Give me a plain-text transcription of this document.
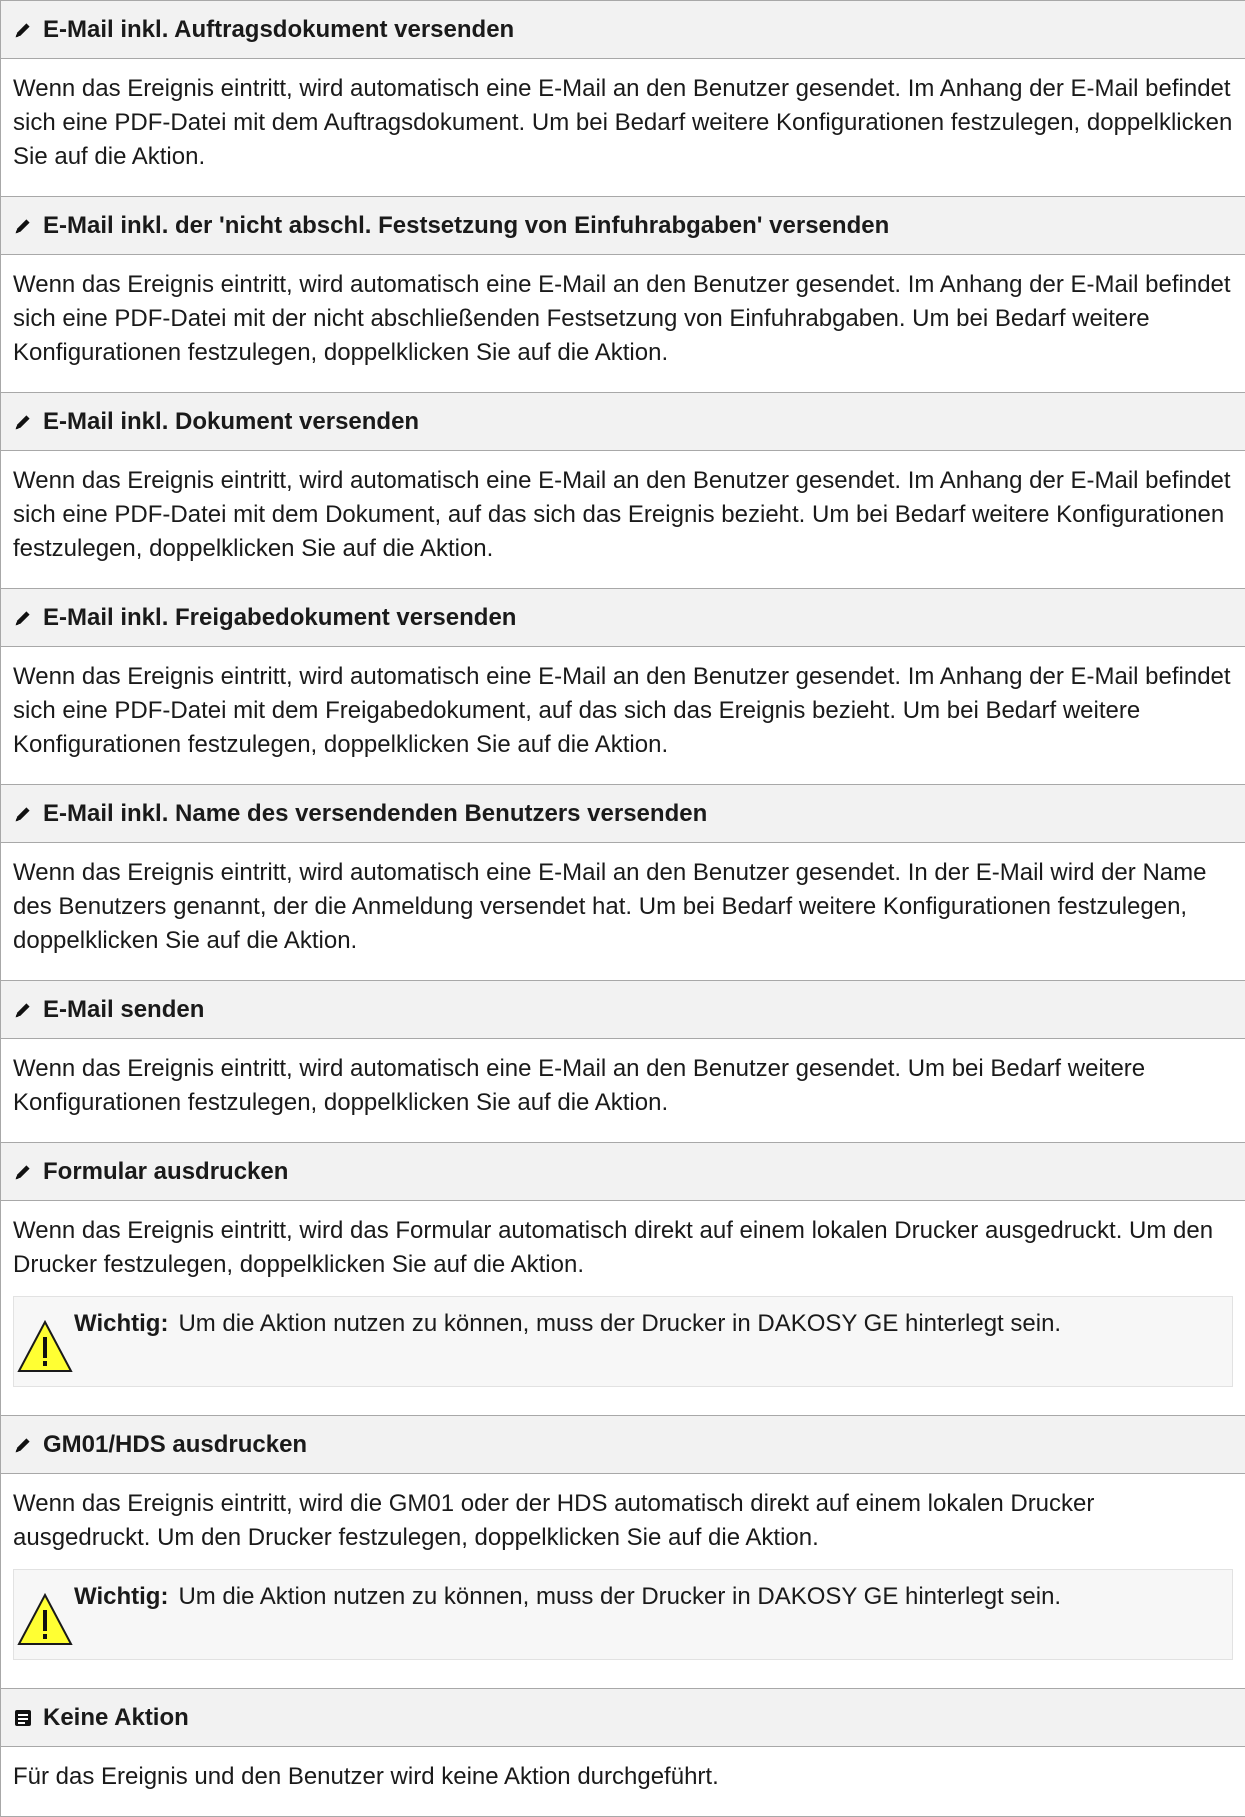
E-Mail inkl. Auftragsdokument versenden

Wenn das Ereignis eintritt, wird automatisch eine E-Mail an den Benutzer gesendet. Im Anhang der E-Mail befindet sich eine PDF-Datei mit dem Auftragsdokument. Um bei Bedarf weitere Konfigurationen festzulegen, doppelklicken Sie auf die Aktion.

E-Mail inkl. der 'nicht abschl. Festsetzung von Einfuhrabgaben' versenden

Wenn das Ereignis eintritt, wird automatisch eine E-Mail an den Benutzer gesendet. Im Anhang der E-Mail befindet sich eine PDF-Datei mit der nicht abschließenden Festsetzung von Einfuhrabgaben. Um bei Bedarf weitere Konfigurationen festzulegen, doppelklicken Sie auf die Aktion.

E-Mail inkl. Dokument versenden

Wenn das Ereignis eintritt, wird automatisch eine E-Mail an den Benutzer gesendet. Im Anhang der E-Mail befindet sich eine PDF-Datei mit dem Dokument, auf das sich das Ereignis bezieht. Um bei Bedarf weitere Konfigurationen festzulegen, doppelklicken Sie auf die Aktion.

E-Mail inkl. Freigabedokument versenden

Wenn das Ereignis eintritt, wird automatisch eine E-Mail an den Benutzer gesendet. Im Anhang der E-Mail befindet sich eine PDF-Datei mit dem Freigabedokument, auf das sich das Ereignis bezieht. Um bei Bedarf weitere Konfigurationen festzulegen, doppelklicken Sie auf die Aktion.

E-Mail inkl. Name des versendenden Benutzers versenden

Wenn das Ereignis eintritt, wird automatisch eine E-Mail an den Benutzer gesendet. In der E-Mail wird der Name des Benutzers genannt, der die Anmeldung versendet hat. Um bei Bedarf weitere Konfigurationen festzulegen, doppelklicken Sie auf die Aktion.

E-Mail senden

Wenn das Ereignis eintritt, wird automatisch eine E-Mail an den Benutzer gesendet. Um bei Bedarf weitere Konfigurationen festzulegen, doppelklicken Sie auf die Aktion.

Formular ausdrucken

Wenn das Ereignis eintritt, wird das Formular automatisch direkt auf einem lokalen Drucker ausgedruckt. Um den Drucker festzulegen, doppelklicken Sie auf die Aktion.

Wichtig: Um die Aktion nutzen zu können, muss der Drucker in DAKOSY GE hinterlegt sein.
GM01/HDS ausdrucken

Wenn das Ereignis eintritt, wird die GM01 oder der HDS automatisch direkt auf einem lokalen Drucker ausgedruckt. Um den Drucker festzulegen, doppelklicken Sie auf die Aktion.

Wichtig: Um die Aktion nutzen zu können, muss der Drucker in DAKOSY GE hinterlegt sein.
Keine Aktion

Für das Ereignis und den Benutzer wird keine Aktion durchgeführt.
